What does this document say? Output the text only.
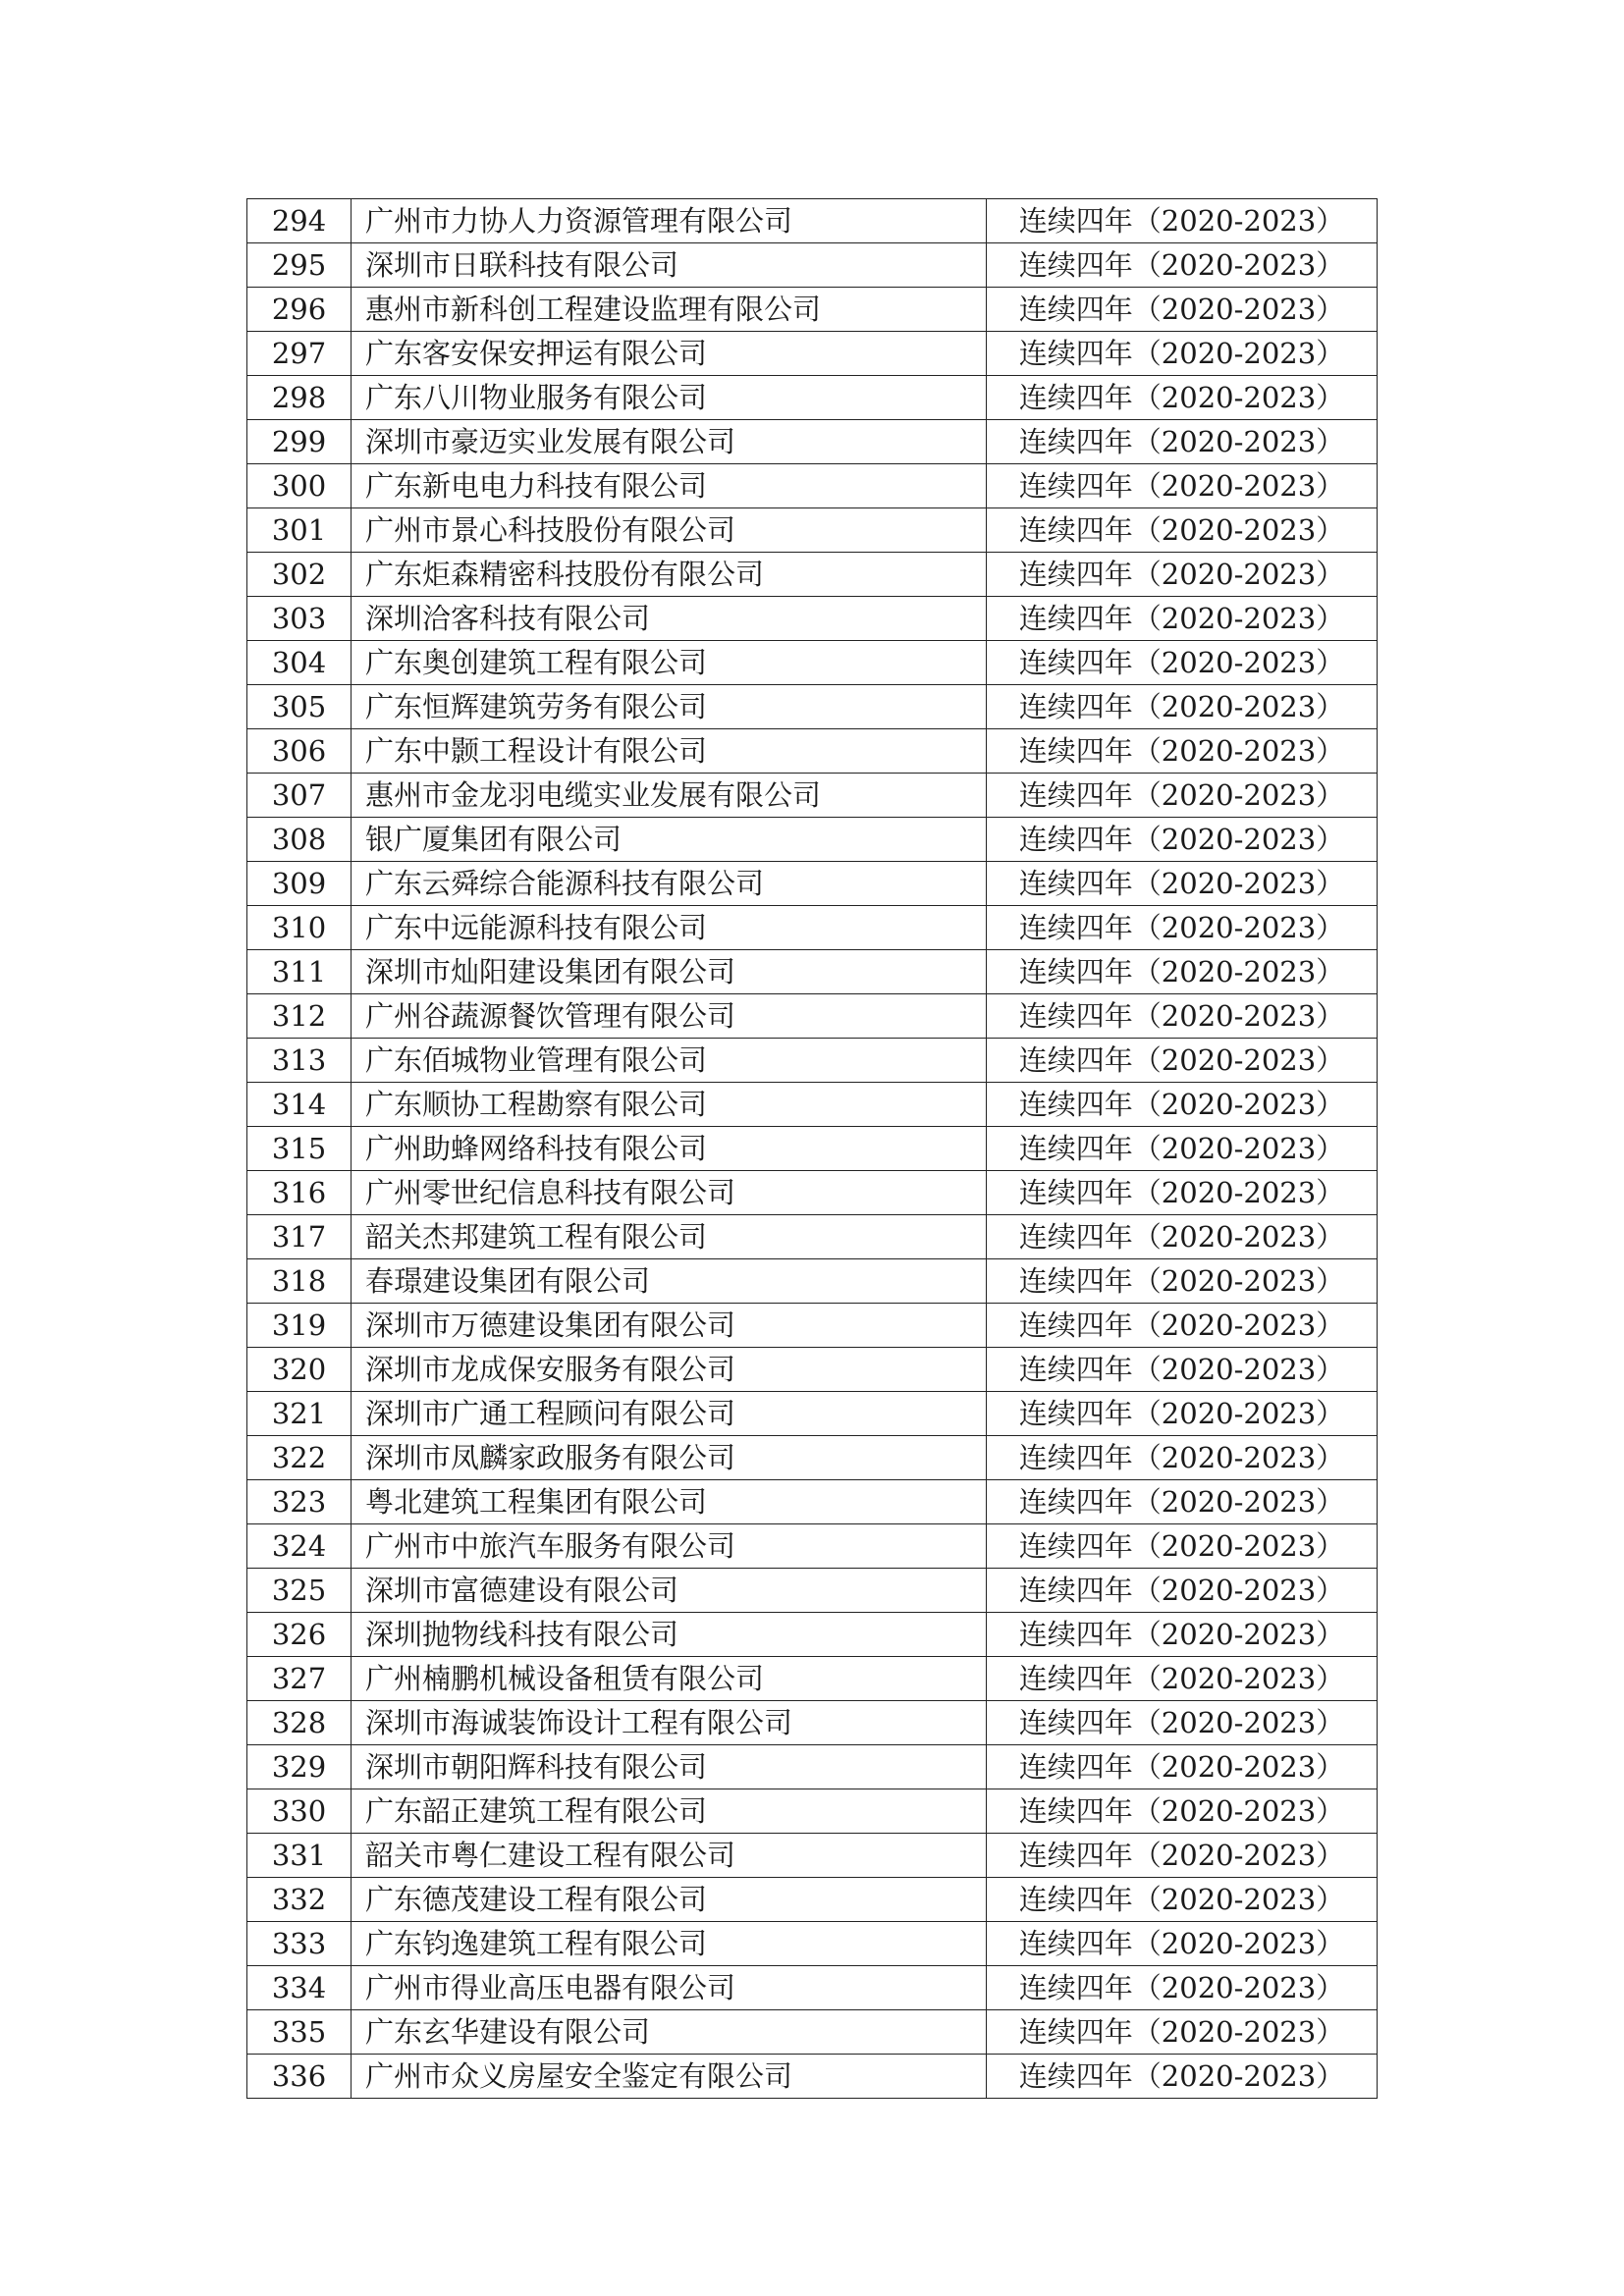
294	广州市力协人力资源管理有限公司	连续四年（2020-2023）
295	深圳市日联科技有限公司	连续四年（2020-2023）
296	惠州市新科创工程建设监理有限公司	连续四年（2020-2023）
297	广东客安保安押运有限公司	连续四年（2020-2023）
298	广东八川物业服务有限公司	连续四年（2020-2023）
299	深圳市豪迈实业发展有限公司	连续四年（2020-2023）
300	广东新电电力科技有限公司	连续四年（2020-2023）
301	广州市景心科技股份有限公司	连续四年（2020-2023）
302	广东炬森精密科技股份有限公司	连续四年（2020-2023）
303	深圳洽客科技有限公司	连续四年（2020-2023）
304	广东奥创建筑工程有限公司	连续四年（2020-2023）
305	广东恒辉建筑劳务有限公司	连续四年（2020-2023）
306	广东中颢工程设计有限公司	连续四年（2020-2023）
307	惠州市金龙羽电缆实业发展有限公司	连续四年（2020-2023）
308	银广厦集团有限公司	连续四年（2020-2023）
309	广东云舜综合能源科技有限公司	连续四年（2020-2023）
310	广东中远能源科技有限公司	连续四年（2020-2023）
311	深圳市灿阳建设集团有限公司	连续四年（2020-2023）
312	广州谷蔬源餐饮管理有限公司	连续四年（2020-2023）
313	广东佰城物业管理有限公司	连续四年（2020-2023）
314	广东顺协工程勘察有限公司	连续四年（2020-2023）
315	广州助蜂网络科技有限公司	连续四年（2020-2023）
316	广州零世纪信息科技有限公司	连续四年（2020-2023）
317	韶关杰邦建筑工程有限公司	连续四年（2020-2023）
318	春璟建设集团有限公司	连续四年（2020-2023）
319	深圳市万德建设集团有限公司	连续四年（2020-2023）
320	深圳市龙成保安服务有限公司	连续四年（2020-2023）
321	深圳市广通工程顾问有限公司	连续四年（2020-2023）
322	深圳市凤麟家政服务有限公司	连续四年（2020-2023）
323	粤北建筑工程集团有限公司	连续四年（2020-2023）
324	广州市中旅汽车服务有限公司	连续四年（2020-2023）
325	深圳市富德建设有限公司	连续四年（2020-2023）
326	深圳抛物线科技有限公司	连续四年（2020-2023）
327	广州楠鹏机械设备租赁有限公司	连续四年（2020-2023）
328	深圳市海诚装饰设计工程有限公司	连续四年（2020-2023）
329	深圳市朝阳辉科技有限公司	连续四年（2020-2023）
330	广东韶正建筑工程有限公司	连续四年（2020-2023）
331	韶关市粤仁建设工程有限公司	连续四年（2020-2023）
332	广东德茂建设工程有限公司	连续四年（2020-2023）
333	广东钧逸建筑工程有限公司	连续四年（2020-2023）
334	广州市得业高压电器有限公司	连续四年（2020-2023）
335	广东玄华建设有限公司	连续四年（2020-2023）
336	广州市众义房屋安全鉴定有限公司	连续四年（2020-2023）
